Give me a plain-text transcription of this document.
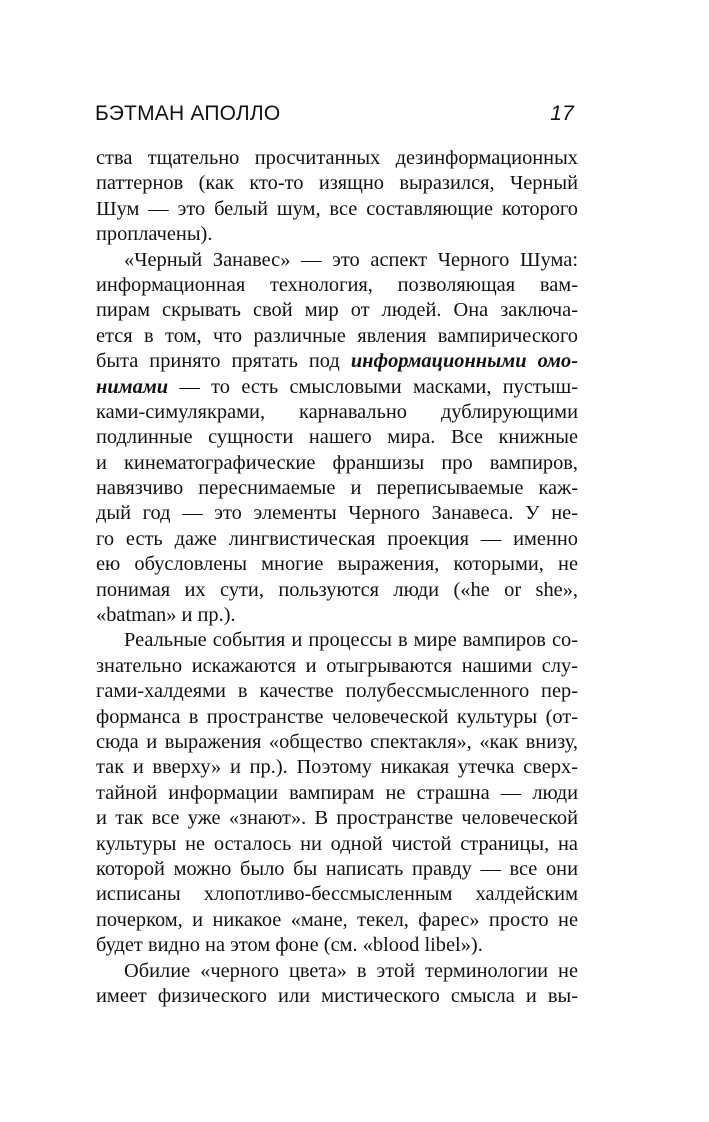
БЭТМАН АПОЛЛО	17

ства тщательно просчитанных дезинформационных
паттернов (как кто-то изящно выразился, Черный
Шум — это белый шум, все составляющие которого
проплачены).

«Черный Занавес» — это аспект Черного Шума:
информационная технология, позволяющая вам-
пирам скрывать свой мир от людей. Она заключа-
ется в том, что различные явления вампирического
быта принято прятать под информационными омо-
нимами — то есть смысловыми масками, пустыш-
ками-симулякрами, карнавально дублирующими
подлинные сущности нашего мира. Все книжные
и кинематографические франшизы про вампиров,
навязчиво переснимаемые и переписываемые каж-
дый год — это элементы Черного Занавеса. У не-
го есть даже лингвистическая проекция — именно
ею обусловлены многие выражения, которыми, не
понимая их сути, пользуются люди («he or she»,
«batman» и пр.).

Реальные события и процессы в мире вампиров со-
знательно искажаются и отыгрываются нашими слу-
гами-халдеями в качестве полубессмысленного пер-
форманса в пространстве человеческой культуры (от-
сюда и выражения «общество спектакля», «как внизу,
так и вверху» и пр.). Поэтому никакая утечка сверх-
тайной информации вампирам не страшна — люди
и так все уже «знают». В пространстве человеческой
культуры не осталось ни одной чистой страницы, на
которой можно было бы написать правду — все они
исписаны хлопотливо-бессмысленным халдейским
почерком, и никакое «мане, текел, фарес» просто не
будет видно на этом фоне (см. «blood libel»).

Обилие «черного цвета» в этой терминологии не
имеет физического или мистического смысла и вы-
